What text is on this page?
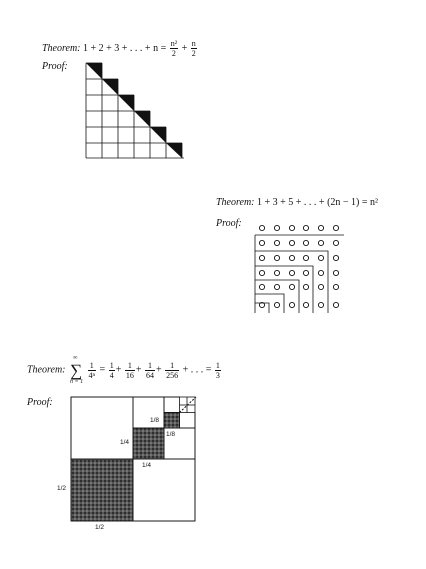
Theorem: 1 + 2 + 3 + . . . + $n = \frac{\text{n²}}{2} + \frac{n}{2}$
Proof:
Theorem: 1 + 3 + 5 + . . . + (2n − 1) = n²
Proof:
Theorem: ∑
∞
n = 1

$\frac{1}{\text{4ⁿ}} = \frac{1}{4} + \frac{1}{16} + \frac{1}{64} + \frac{1}{256}$ + . . . = $\frac{1}{3}$
Proof:
1/2
1/2
1/4
1/4
1/8
1/8
